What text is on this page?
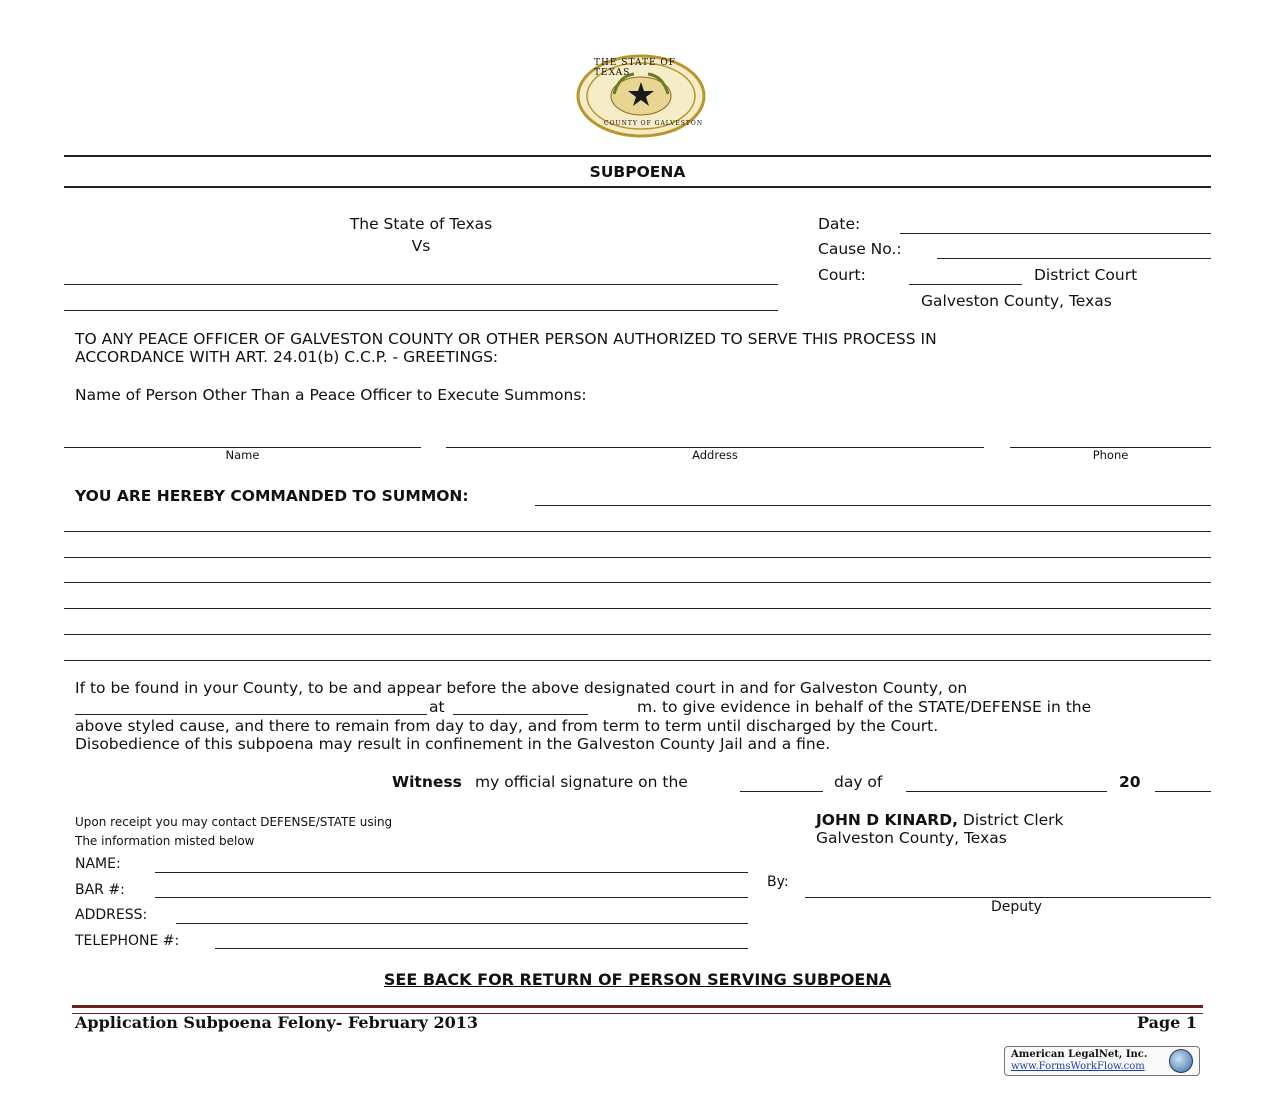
THE STATE OF TEXAS
COUNTY OF GALVESTON
SUBPOENA
The State of Texas
Vs
Date:
Cause No.:
Court:	District Court
Galveston County, Texas
TO ANY PEACE OFFICER OF GALVESTON COUNTY OR OTHER PERSON AUTHORIZED TO SERVE THIS PROCESS IN
ACCORDANCE WITH ART. 24.01(b) C.C.P. - GREETINGS:
Name of Person Other Than a Peace Officer to Execute Summons:
Name	Address	Phone
YOU ARE HEREBY COMMANDED TO SUMMON:
If to be found in your County, to be and appear before the above designated court in and for Galveston County, on
at	m. to give evidence in behalf of the STATE/DEFENSE in the
above styled cause, and there to remain from day to day, and from term to term until discharged by the Court.
Disobedience of this subpoena may result in confinement in the Galveston County Jail and a fine.
Witness my official signature on the	day of	20
Upon receipt you may contact DEFENSE/STATE using
The information misted below
NAME:
BAR #:
ADDRESS:
TELEPHONE #:
JOHN D KINARD, District Clerk
Galveston County, Texas
By:
Deputy
SEE BACK FOR RETURN OF PERSON SERVING SUBPOENA
Application Subpoena Felony- February 2013	Page 1
American LegalNet, Inc.
www.FormsWorkFlow.com
